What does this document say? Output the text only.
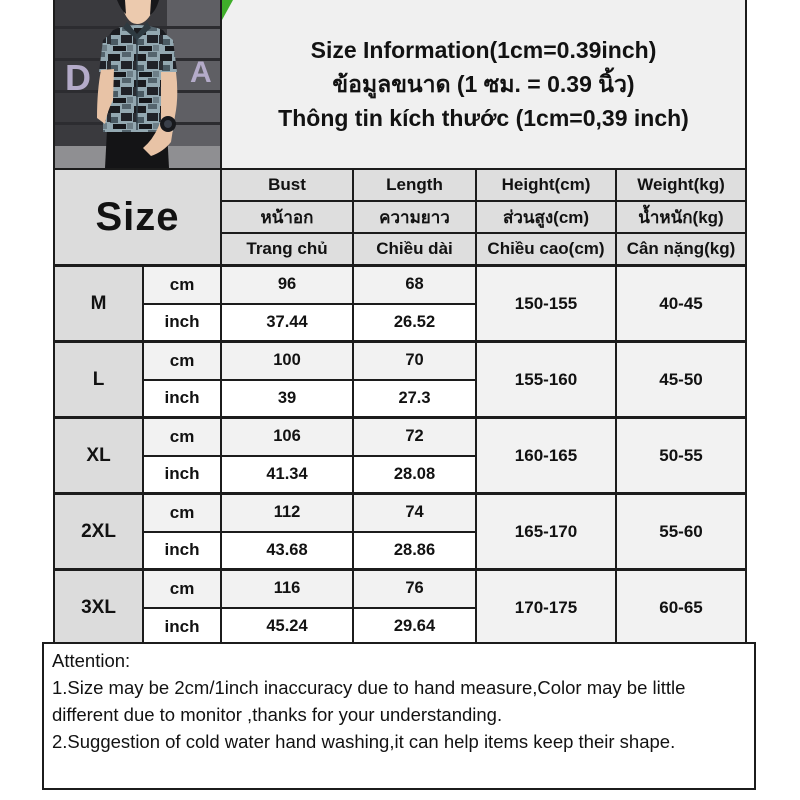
D	A

Size Information(1cm=0.39inch)
ข้อมูลขนาด (1 ซม. = 0.39 นิ้ว)
Thông tin kích thước (1cm=0,39 inch)

Size		Bust	Length	Height(cm)	Weight(kg)
		หน้าอก	ความยาว	ส่วนสูง(cm)	น้ำหนัก(kg)
		Trang chủ	Chiều dài	Chiều cao(cm)	Cân nặng(kg)
M	cm	96	68	150-155	40-45
	inch	37.44	26.52		
L	cm	100	70	155-160	45-50
	inch	39	27.3		
XL	cm	106	72	160-165	50-55
	inch	41.34	28.08		
2XL	cm	112	74	165-170	55-60
	inch	43.68	28.86		
3XL	cm	116	76	170-175	60-65
	inch	45.24	29.64		
Attention:
1.Size may be 2cm/1inch inaccuracy due to hand measure,Color may be little different due to monitor ,thanks for your understanding.
2.Suggestion of cold water hand washing,it can help items keep their shape.
